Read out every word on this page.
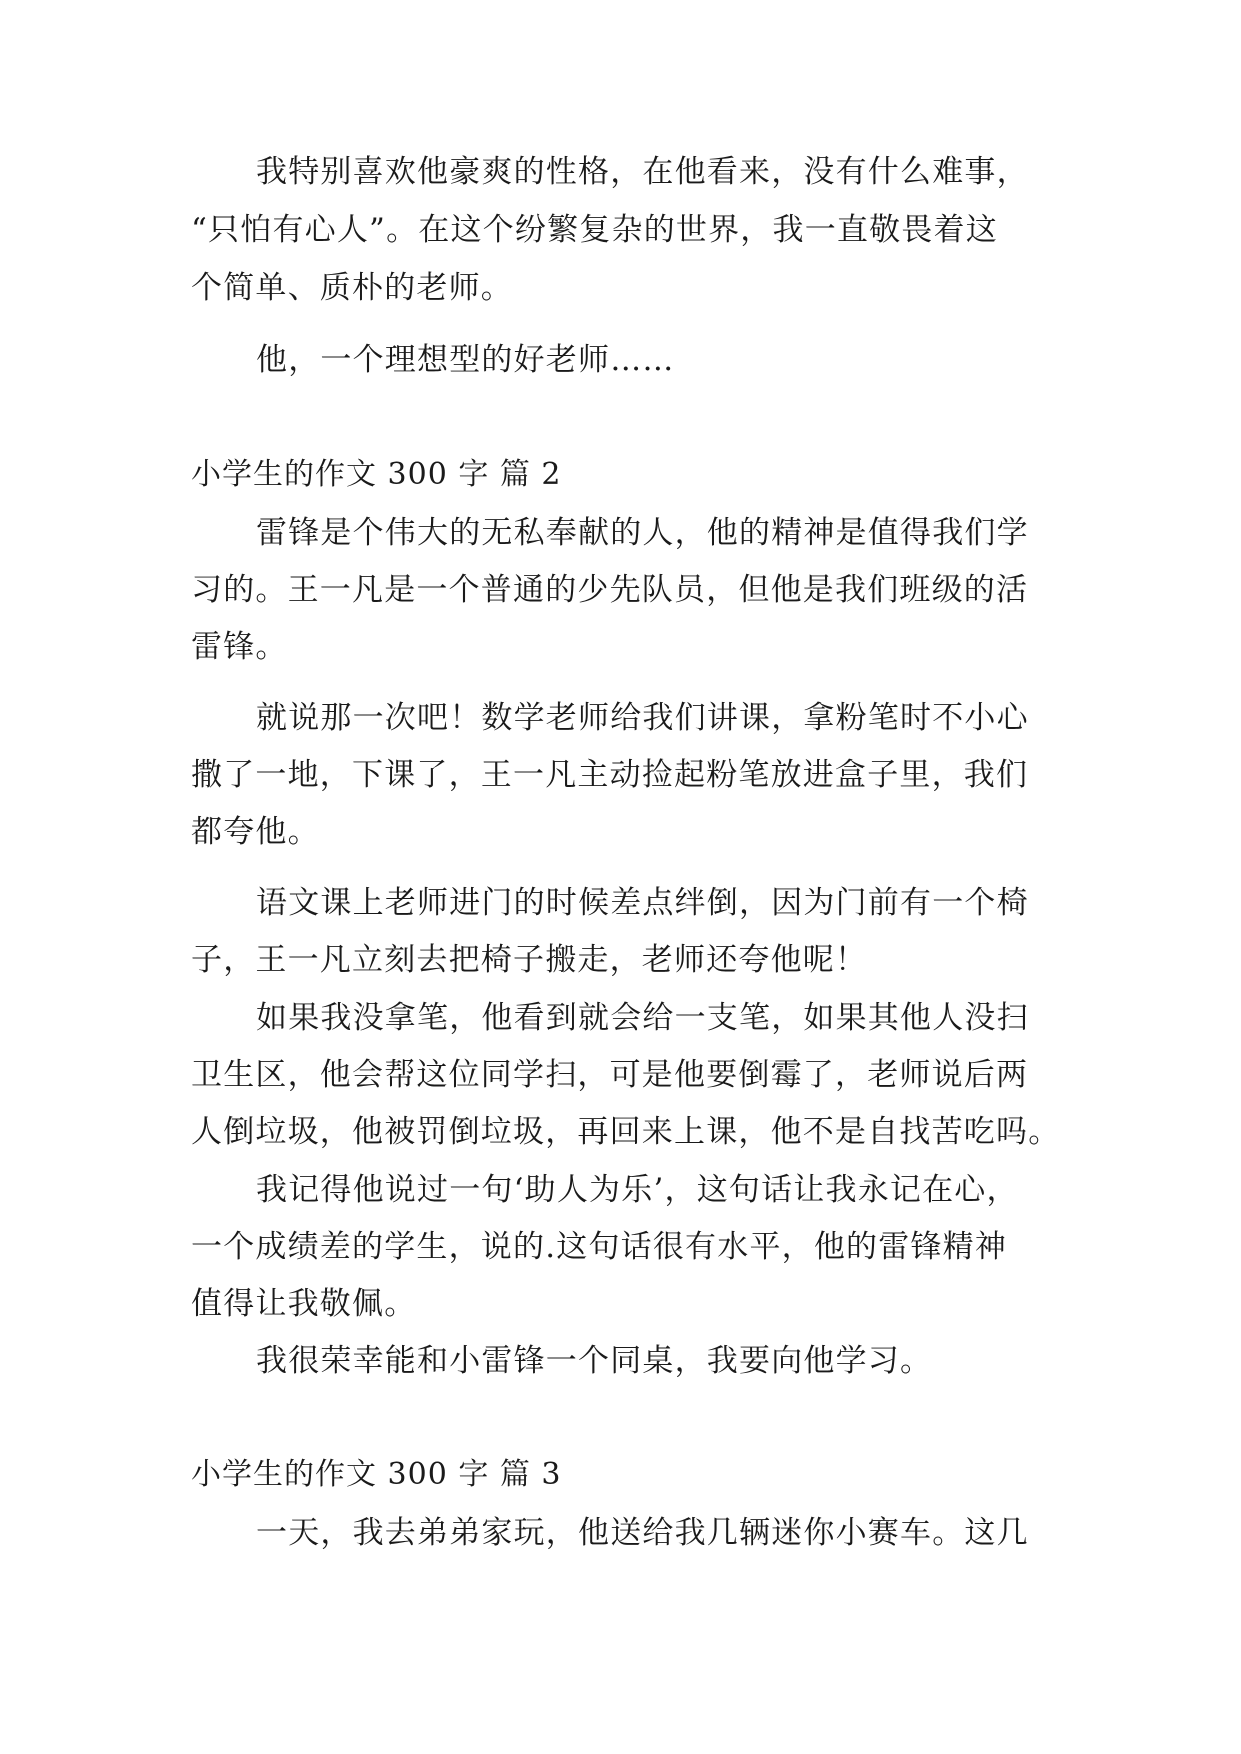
我特别喜欢他豪爽的性格，在他看来，没有什么难事，
“只怕有心人”。在这个纷繁复杂的世界，我一直敬畏着这
个简单、质朴的老师。
他，一个理想型的好老师……
小学生的作文 300 字 篇 2
雷锋是个伟大的无私奉献的人，他的精神是值得我们学
习的。王一凡是一个普通的少先队员，但他是我们班级的活
雷锋。
就说那一次吧！数学老师给我们讲课，拿粉笔时不小心
撒了一地，下课了，王一凡主动捡起粉笔放进盒子里，我们
都夸他。
语文课上老师进门的时候差点绊倒，因为门前有一个椅
子，王一凡立刻去把椅子搬走，老师还夸他呢！
如果我没拿笔，他看到就会给一支笔，如果其他人没扫
卫生区，他会帮这位同学扫，可是他要倒霉了，老师说后两
人倒垃圾，他被罚倒垃圾，再回来上课，他不是自找苦吃吗。
我记得他说过一句‘助人为乐’，这句话让我永记在心，
一个成绩差的学生，说的.这句话很有水平，他的雷锋精神
值得让我敬佩。
我很荣幸能和小雷锋一个同桌，我要向他学习。
小学生的作文 300 字 篇 3
一天，我去弟弟家玩，他送给我几辆迷你小赛车。这几
